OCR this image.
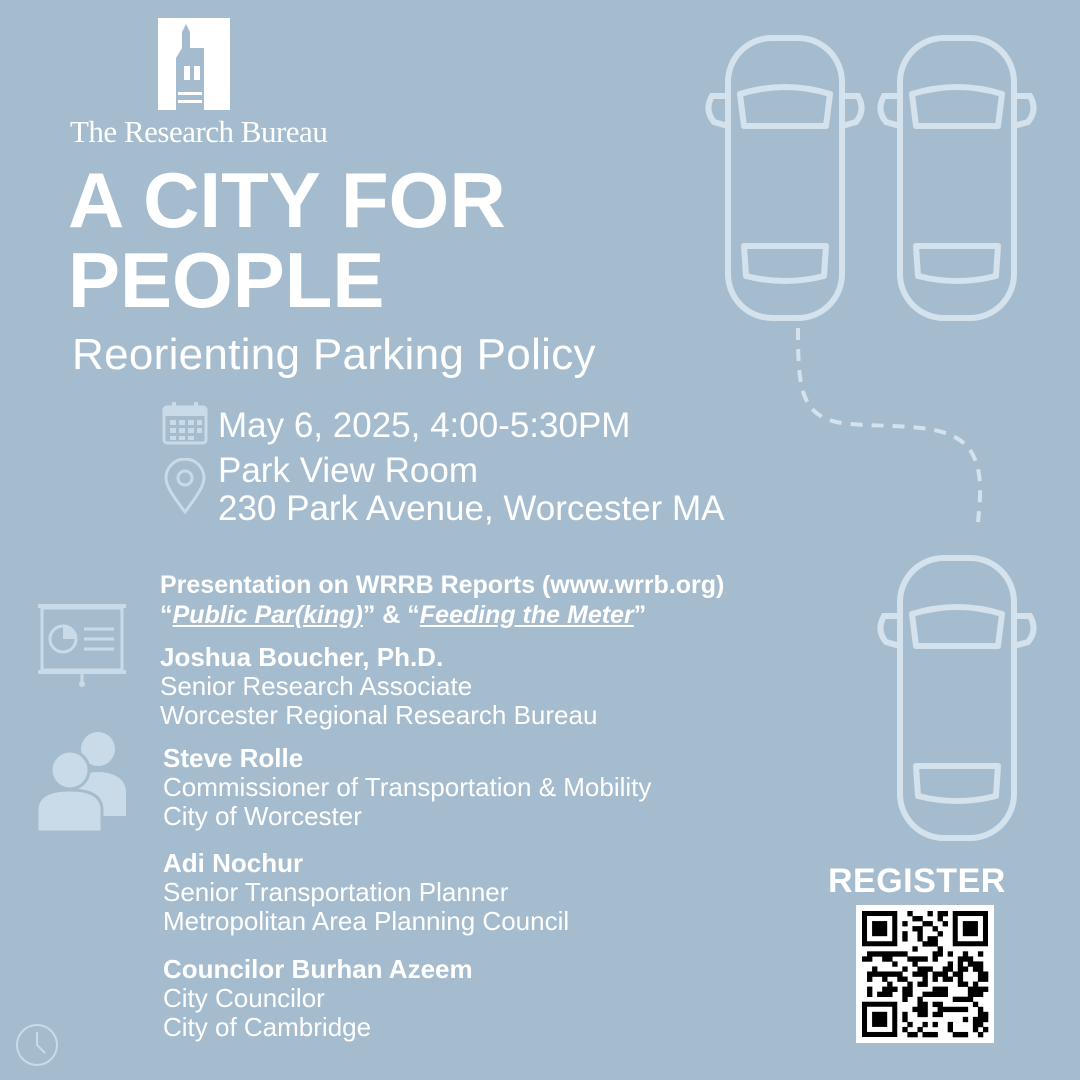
The Research Bureau
A CITY FOR
PEOPLE
Reorienting Parking Policy
May 6, 2025, 4:00-5:30PM
Park View Room
230 Park Avenue, Worcester MA
Presentation on WRRB Reports (www.wrrb.org)
“Public Par(king)” & “Feeding the Meter”
Joshua Boucher, Ph.D.
Senior Research Associate
Worcester Regional Research Bureau
Steve Rolle
Commissioner of Transportation & Mobility
City of Worcester
Adi Nochur
Senior Transportation Planner
Metropolitan Area Planning Council
Councilor Burhan Azeem
City Councilor
City of Cambridge
REGISTER
